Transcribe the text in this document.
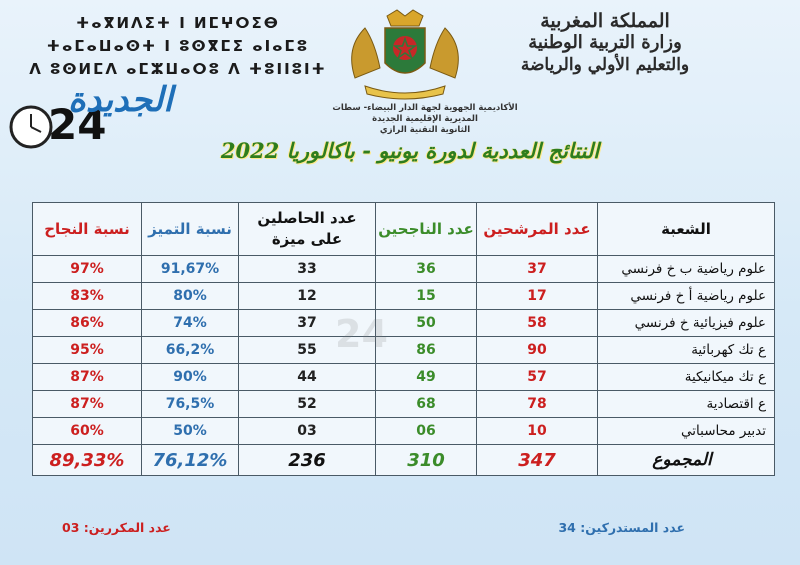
المملكة المغربية
وزارة التربية الوطنية
والتعليم الأولي والرياضة
ⵜⴰⴳⵍⴷⵉⵜ ⵏ ⵍⵎⵖⵔⵉⴱ
ⵜⴰⵎⴰⵡⴰⵙⵜ ⵏ ⵓⵙⴳⵎⵉ ⴰⵏⴰⵎⵓ
ⴷ ⵓⵙⵍⵎⴷ ⴰⵎⵣⵡⴰⵔⵓ ⴷ ⵜⵓⵏⵏⵓⵏⵜ
24
الجديدة	الأكاديمية الجهوية لجهة الدار البيضاء- سطات
المديرية الإقليمية الجديدة
الثانوية التقنية الرازي
النتائج العددية لدورة يونيو - باكالوريا 2022
الشعبة	عدد المرشحين	عدد الناجحين	عدد الحاصلين على ميزة	نسبة التميز	نسبة النجاح
علوم رياضية ب خ فرنسي	37	36	33	91,67%	97%
علوم رياضية أ خ فرنسي	17	15	12	80%	83%
علوم فيزيائية خ فرنسي	58	50	37	74%	86%
ع تك كهربائية	90	86	55	66,2%	95%
ع تك ميكانيكية	57	49	44	90%	87%
ع اقتصادية	78	68	52	76,5%	87%
تدبير محاسباتي	10	06	03	50%	60%
المجموع	347	310	236	76,12%	89,33%
24
عدد المستدركين: 34
عدد المكررين: 03
